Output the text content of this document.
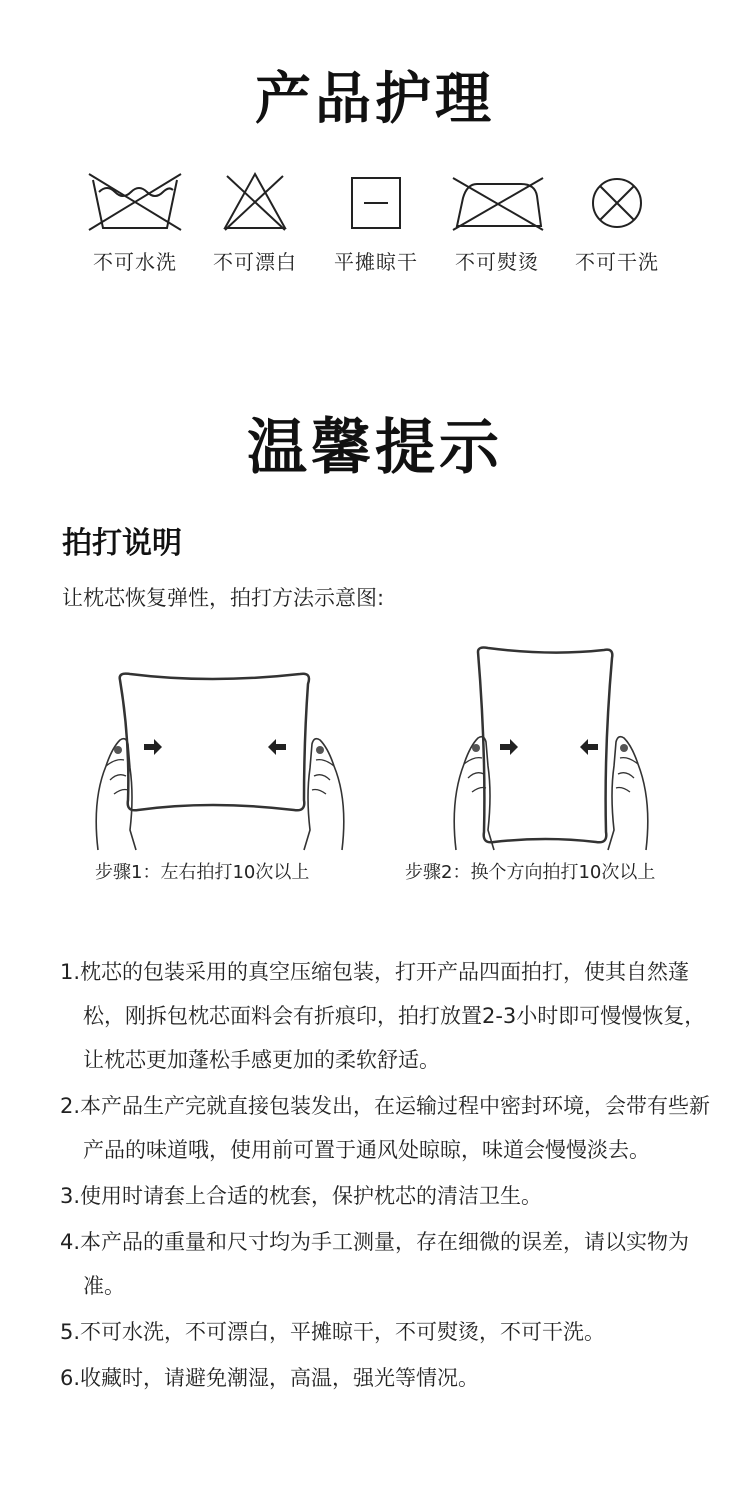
产品护理
不可水洗	不可漂白	平摊晾干	不可熨烫	不可干洗
温馨提示
拍打说明
让枕芯恢复弹性，拍打方法示意图:
步骤1：左右拍打10次以上	步骤2：换个方向拍打10次以上

1.枕芯的包装采用的真空压缩包装，打开产品四面拍打，使其自然蓬松，刚拆包枕芯面料会有折痕印，拍打放置2-3小时即可慢慢恢复，让枕芯更加蓬松手感更加的柔软舒适。

2.本产品生产完就直接包装发出，在运输过程中密封环境，会带有些新产品的味道哦，使用前可置于通风处晾晾，味道会慢慢淡去。

3.使用时请套上合适的枕套，保护枕芯的清洁卫生。

4.本产品的重量和尺寸均为手工测量，存在细微的误差，请以实物为准。

5.不可水洗，不可漂白，平摊晾干，不可熨烫，不可干洗。

6.收藏时，请避免潮湿，高温，强光等情况。
